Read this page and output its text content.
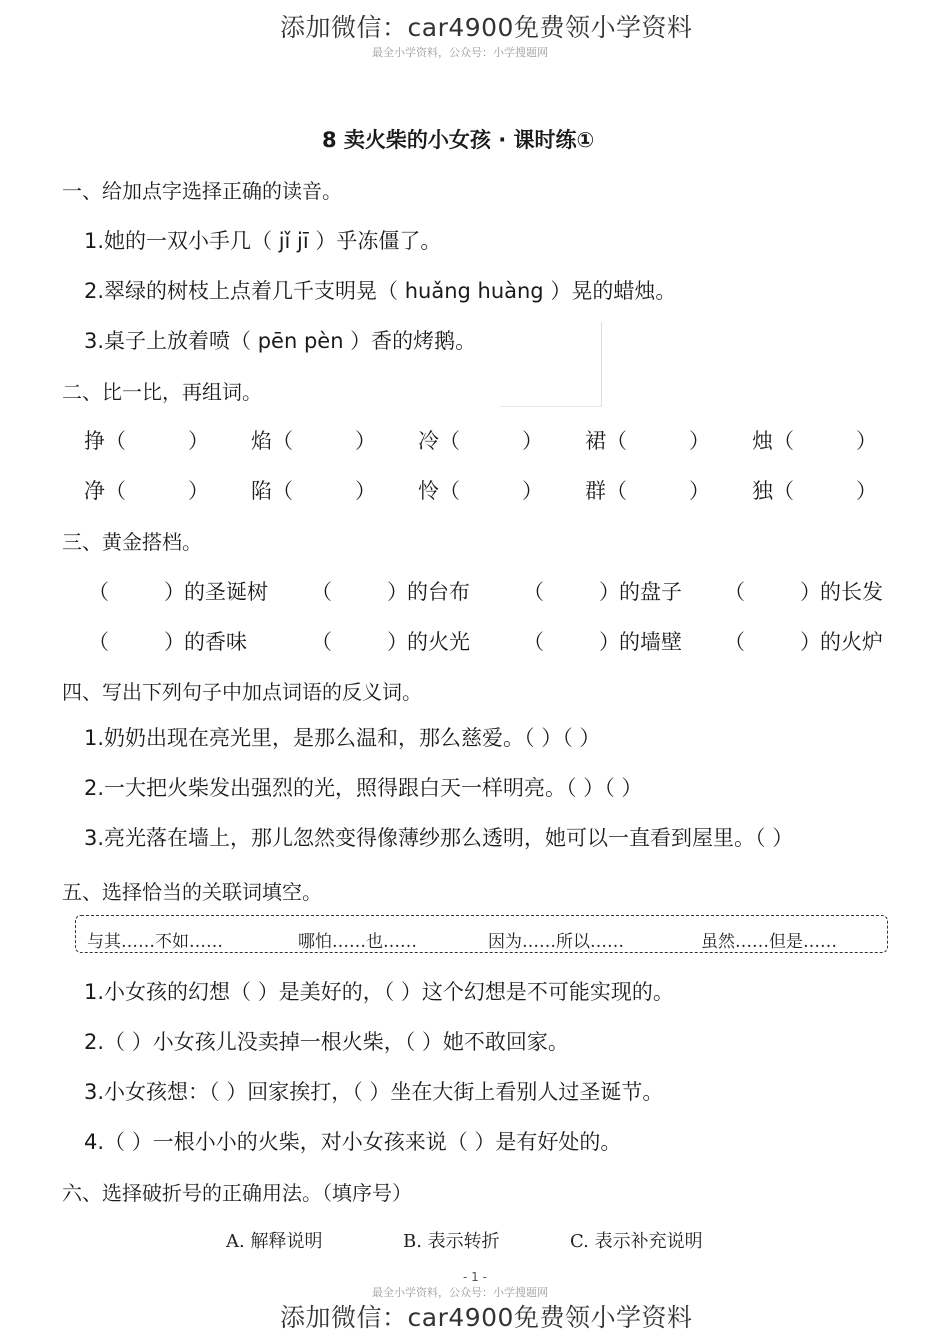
添加微信：car4900免费领小学资料
最全小学资料，公众号：小学搜题网
8 卖火柴的小女孩 · 课时练①
一、给加点字选择正确的读音。
1.她的一双小手几（ jǐ jī ）乎冻僵了。
2.翠绿的树枝上点着几千支明晃（ huǎng huàng ）晃的蜡烛。
3.桌子上放着喷（ pēn pèn ）香的烤鹅。
二、比一比，再组词。
挣（	） 焰（	） 冷（	） 裙（	） 烛（	）
净（	） 陷（	） 怜（	） 群（	） 独（	）
三、黄金搭档。
（	） 的圣诞树 （	） 的台布	（	） 的盘子 （	） 的长发
（	） 的香味	（	） 的火光	（	） 的墙壁 （	） 的火炉
四、写出下列句子中加点词语的反义词。
1.奶奶出现在亮光里，是那么温和，那么慈爱。（ ）（ ）
2.一大把火柴发出强烈的光，照得跟白天一样明亮。（ ）（ ）
3.亮光落在墙上，那儿忽然变得像薄纱那么透明，她可以一直看到屋里。（ ）
五、选择恰当的关联词填空。
与其……不如……	哪怕……也……	因为……所以……	虽然……但是……
1.小女孩的幻想（ ）是美好的，（ ）这个幻想是不可能实现的。
2.（ ）小女孩儿没卖掉一根火柴，（ ）她不敢回家。
3.小女孩想：（ ）回家挨打，（ ）坐在大街上看别人过圣诞节。
4.（ ）一根小小的火柴，对小女孩来说（ ）是有好处的。
六、选择破折号的正确用法。（填序号）
A. 解释说明	B. 表示转折	C. 表示补充说明
- 1 -
最全小学资料，公众号：小学搜题网
添加微信：car4900免费领小学资料
